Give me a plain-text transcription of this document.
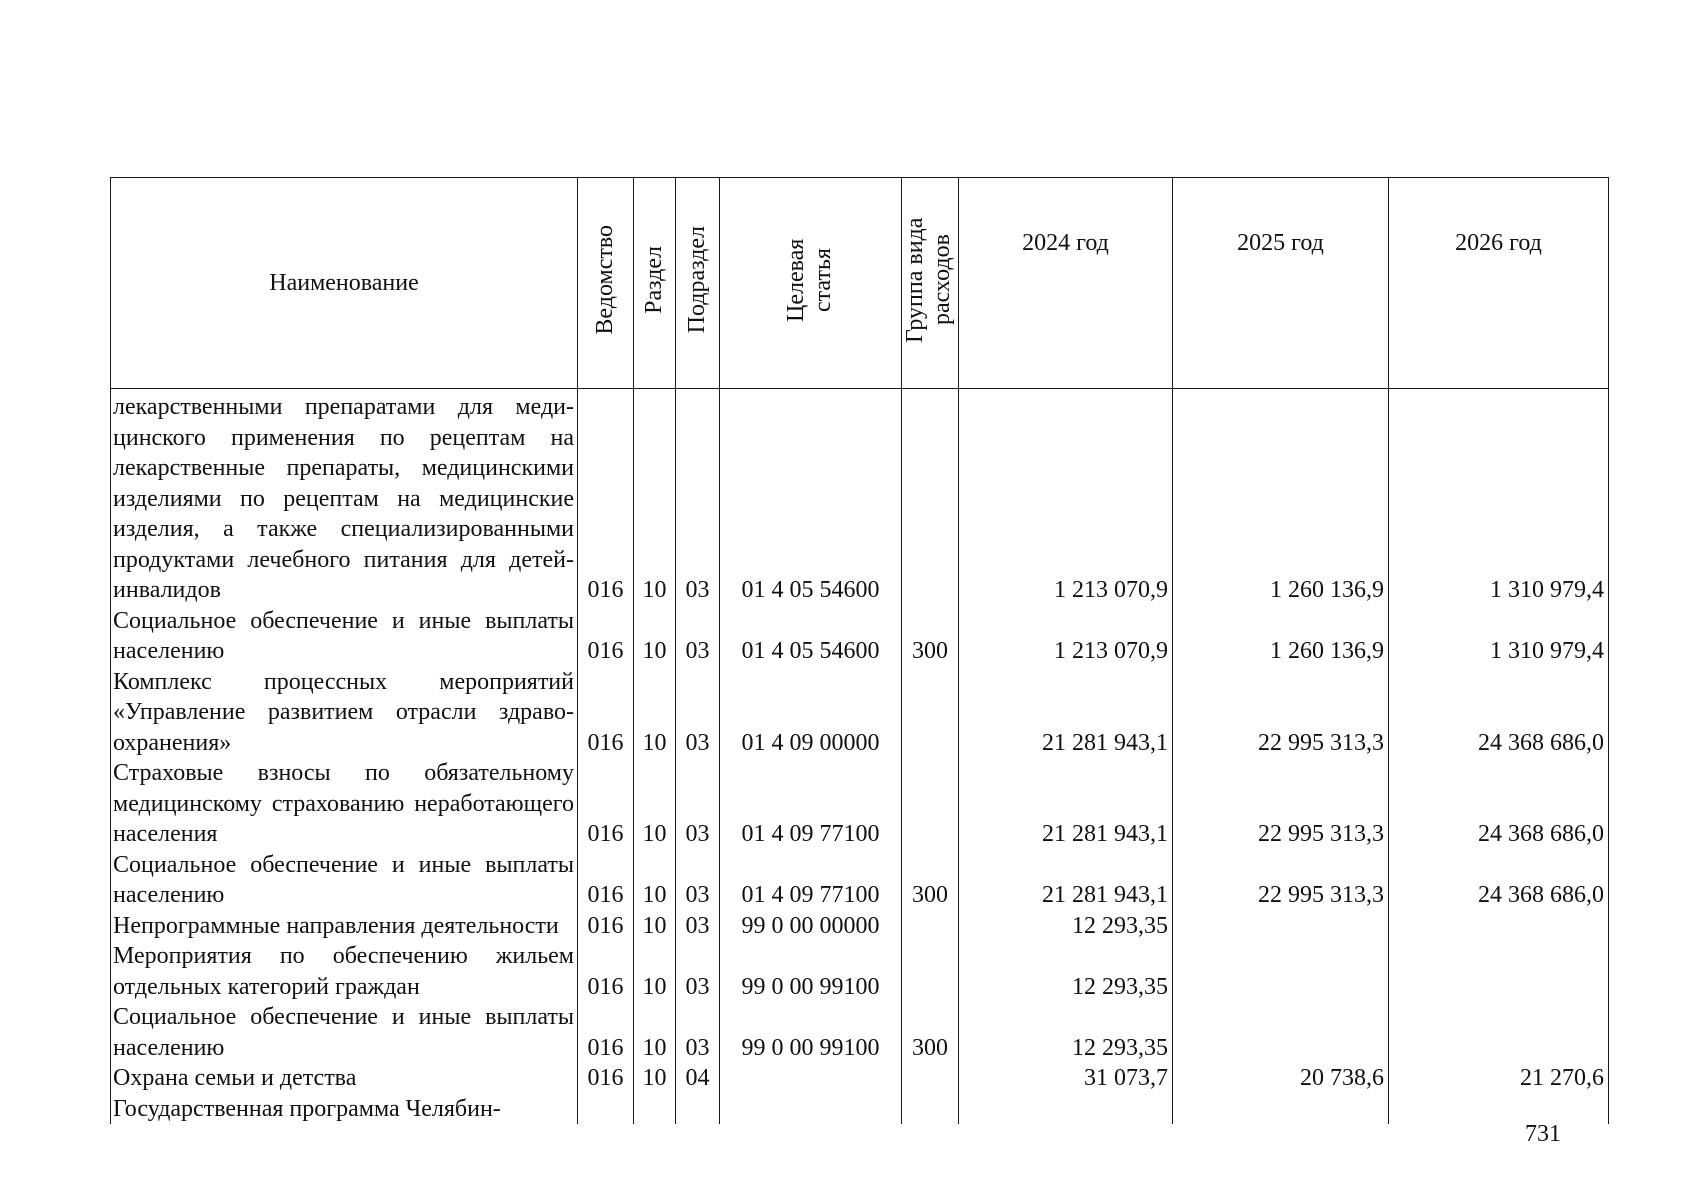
Наименование	Ведомство	Раздел	Подраздел	Целевая статья	Группа вида расходов	2024 год	2025 год	2026 год
лекарственными препаратами для медицинского применения по рецептам на лекарственные препараты, медицинскими изделиями по рецептам на медицинские изделия, а также специализированными продуктами лечебного питания для детей-инвалидов	016	10	03	01 4 05 54600		1 213 070,9	1 260 136,9	1 310 979,4
Социальное обеспечение и иные выплаты населению	016	10	03	01 4 05 54600	300	1 213 070,9	1 260 136,9	1 310 979,4
Комплекс процессных мероприятий «Управление развитием отрасли здравоохранения»	016	10	03	01 4 09 00000		21 281 943,1	22 995 313,3	24 368 686,0
Страховые взносы по обязательному медицинскому страхованию неработающего населения	016	10	03	01 4 09 77100		21 281 943,1	22 995 313,3	24 368 686,0
Социальное обеспечение и иные выплаты населению	016	10	03	01 4 09 77100	300	21 281 943,1	22 995 313,3	24 368 686,0
Непрограммные направления деятельности	016	10	03	99 0 00 00000		12 293,35		
Мероприятия по обеспечению жильем отдельных категорий граждан	016	10	03	99 0 00 99100		12 293,35		
Социальное обеспечение и иные выплаты населению	016	10	03	99 0 00 99100	300	12 293,35		
Охрана семьи и детства	016	10	04			31 073,7	20 738,6	21 270,6
Государственная программа Челябин-								
731
